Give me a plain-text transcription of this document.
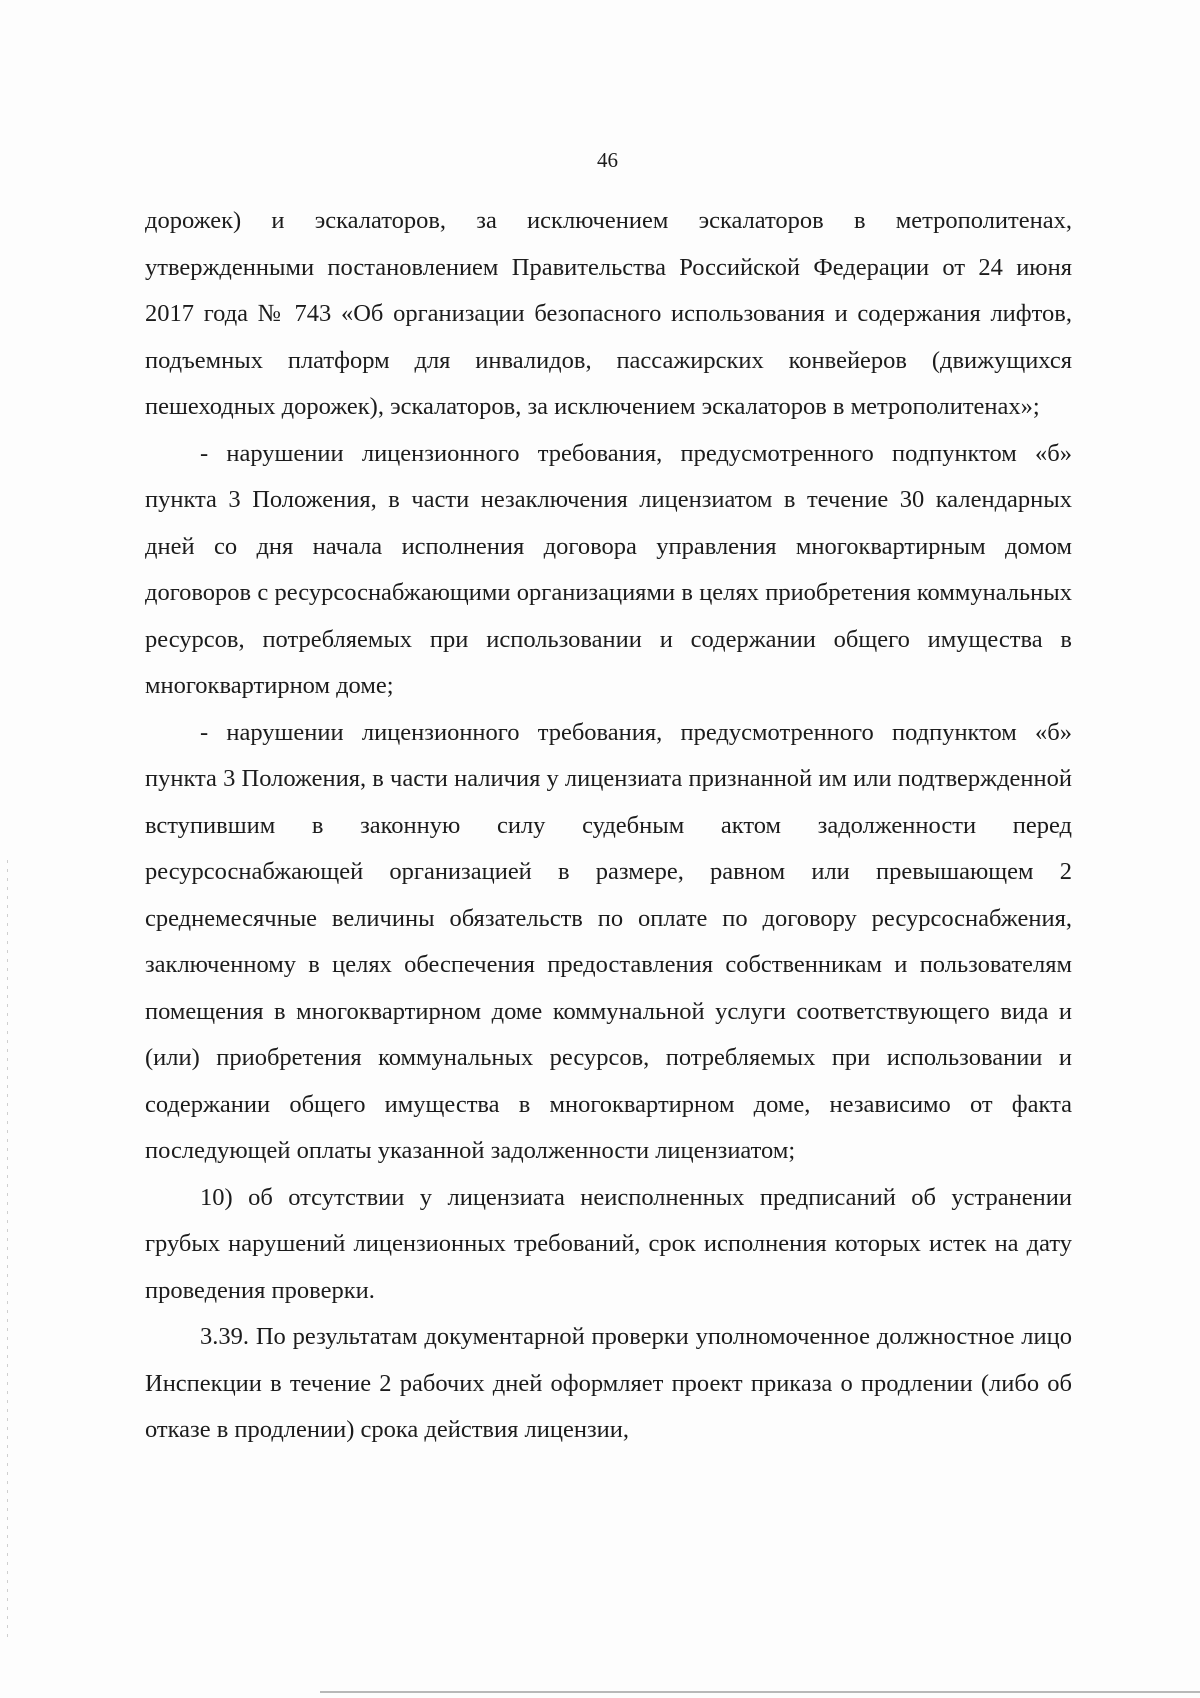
46

дорожек) и эскалаторов, за исключением эскалаторов в метрополитенах, утвержденными постановлением Правительства Российской Федерации от 24 июня 2017 года № 743 «Об организации безопасного использования и содержания лифтов, подъемных платформ для инвалидов, пассажирских конвейеров (движущихся пешеходных дорожек), эскалаторов, за исключением эскалаторов в метрополитенах»;

- нарушении лицензионного требования, предусмотренного подпунктом «б» пункта 3 Положения, в части незаключения лицензиатом в течение 30 календарных дней со дня начала исполнения договора управления многоквартирным домом договоров с ресурсоснабжающими организациями в целях приобретения коммунальных ресурсов, потребляемых при использовании и содержании общего имущества в многоквартирном доме;

- нарушении лицензионного требования, предусмотренного подпунктом «б» пункта 3 Положения, в части наличия у лицензиата признанной им или подтвержденной вступившим в законную силу судебным актом задолженности перед ресурсоснабжающей организацией в размере, равном или превышающем 2 среднемесячные величины обязательств по оплате по договору ресурсоснабжения, заключенному в целях обеспечения предоставления собственникам и пользователям помещения в многоквартирном доме коммунальной услуги соответствующего вида и (или) приобретения коммунальных ресурсов, потребляемых при использовании и содержании общего имущества в многоквартирном доме, независимо от факта последующей оплаты указанной задолженности лицензиатом;

10) об отсутствии у лицензиата неисполненных предписаний об устранении грубых нарушений лицензионных требований, срок исполнения которых истек на дату проведения проверки.

3.39. По результатам документарной проверки уполномоченное должностное лицо Инспекции в течение 2 рабочих дней оформляет проект приказа о продлении (либо об отказе в продлении) срока действия лицензии,
